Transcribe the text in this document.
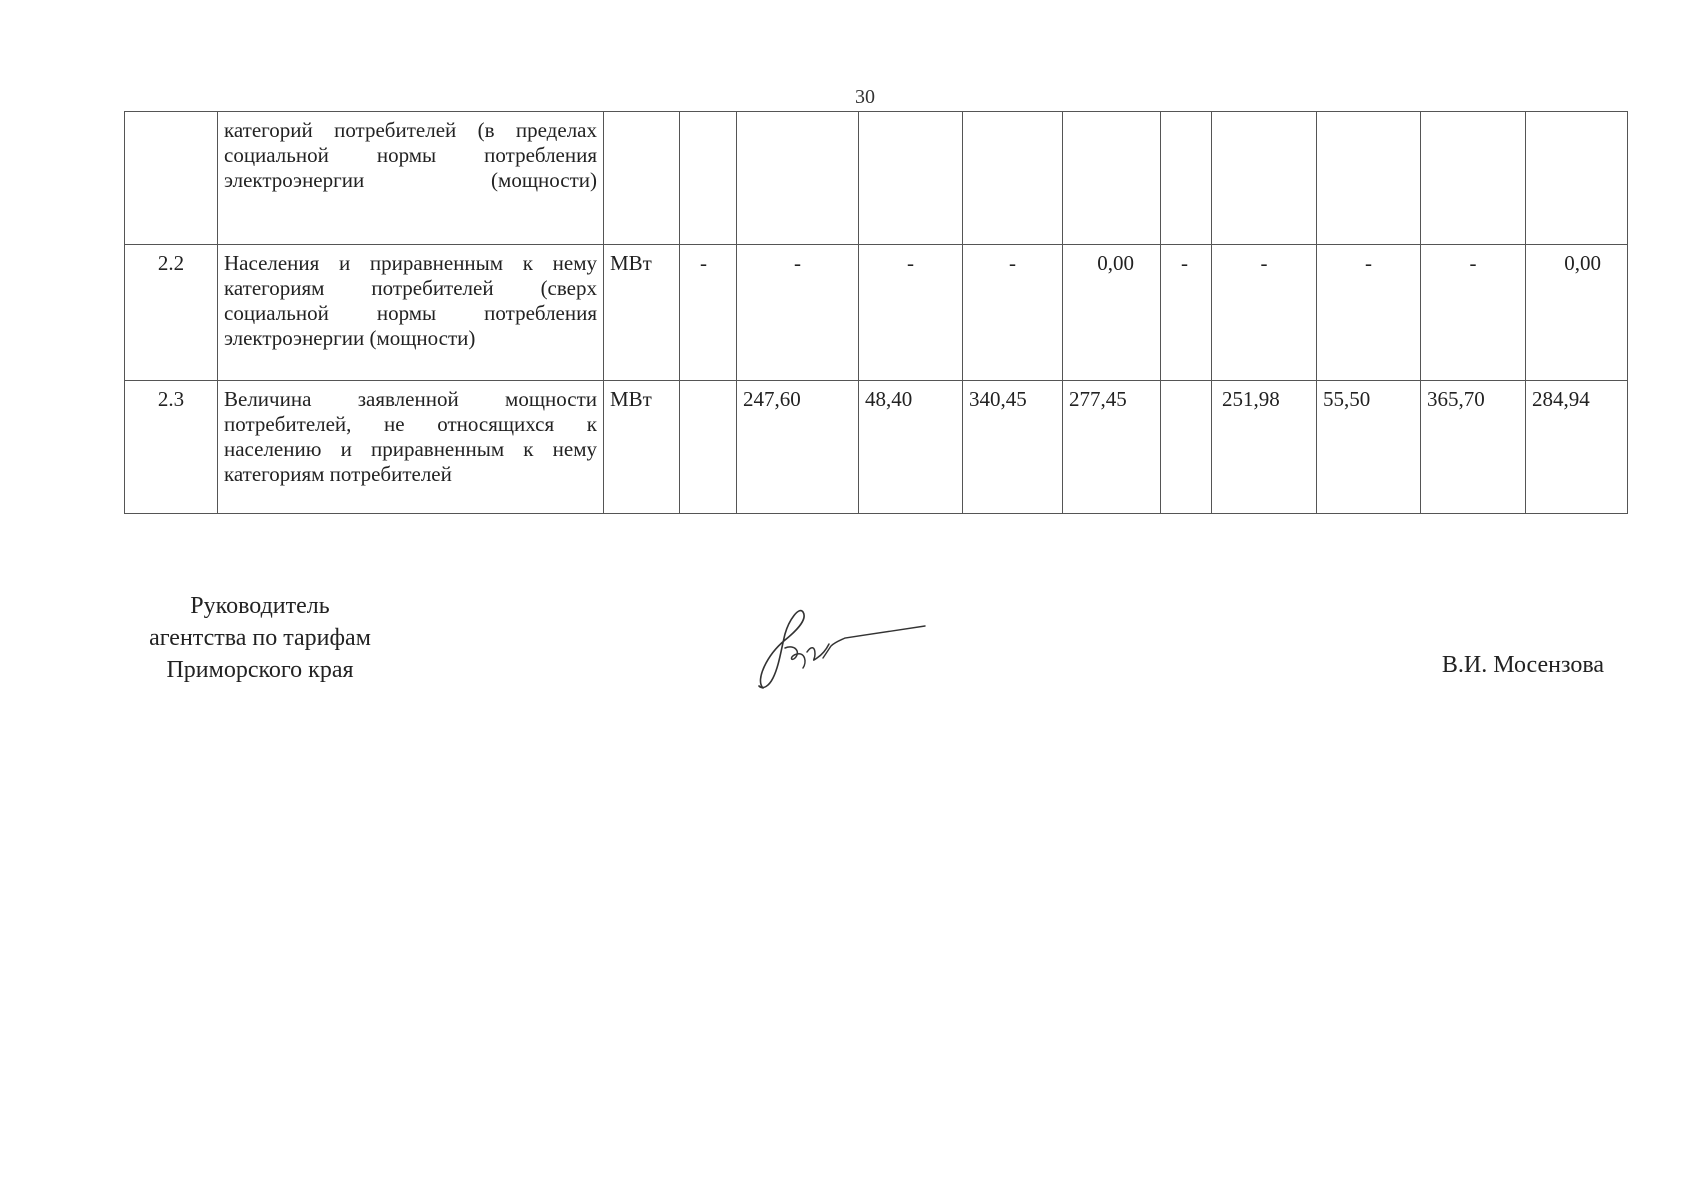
30
	категорий потребителей (в пределах социальной нормы потребления электроэнергии (мощности)											
2.2	Населения и приравненным к нему категориям потребителей (сверх социальной нормы потребления электроэнергии (мощности)	МВт	-	-	-	-	0,00	-	-	-	-	0,00
2.3	Величина заявленной мощности потребителей, не относящихся к населению и приравненным к нему категориям потребителей	МВт		247,60	48,40	340,45	277,45		251,98	55,50	365,70	284,94
Руководитель
агентства по тарифам
Приморского края	В.И. Мосензова
